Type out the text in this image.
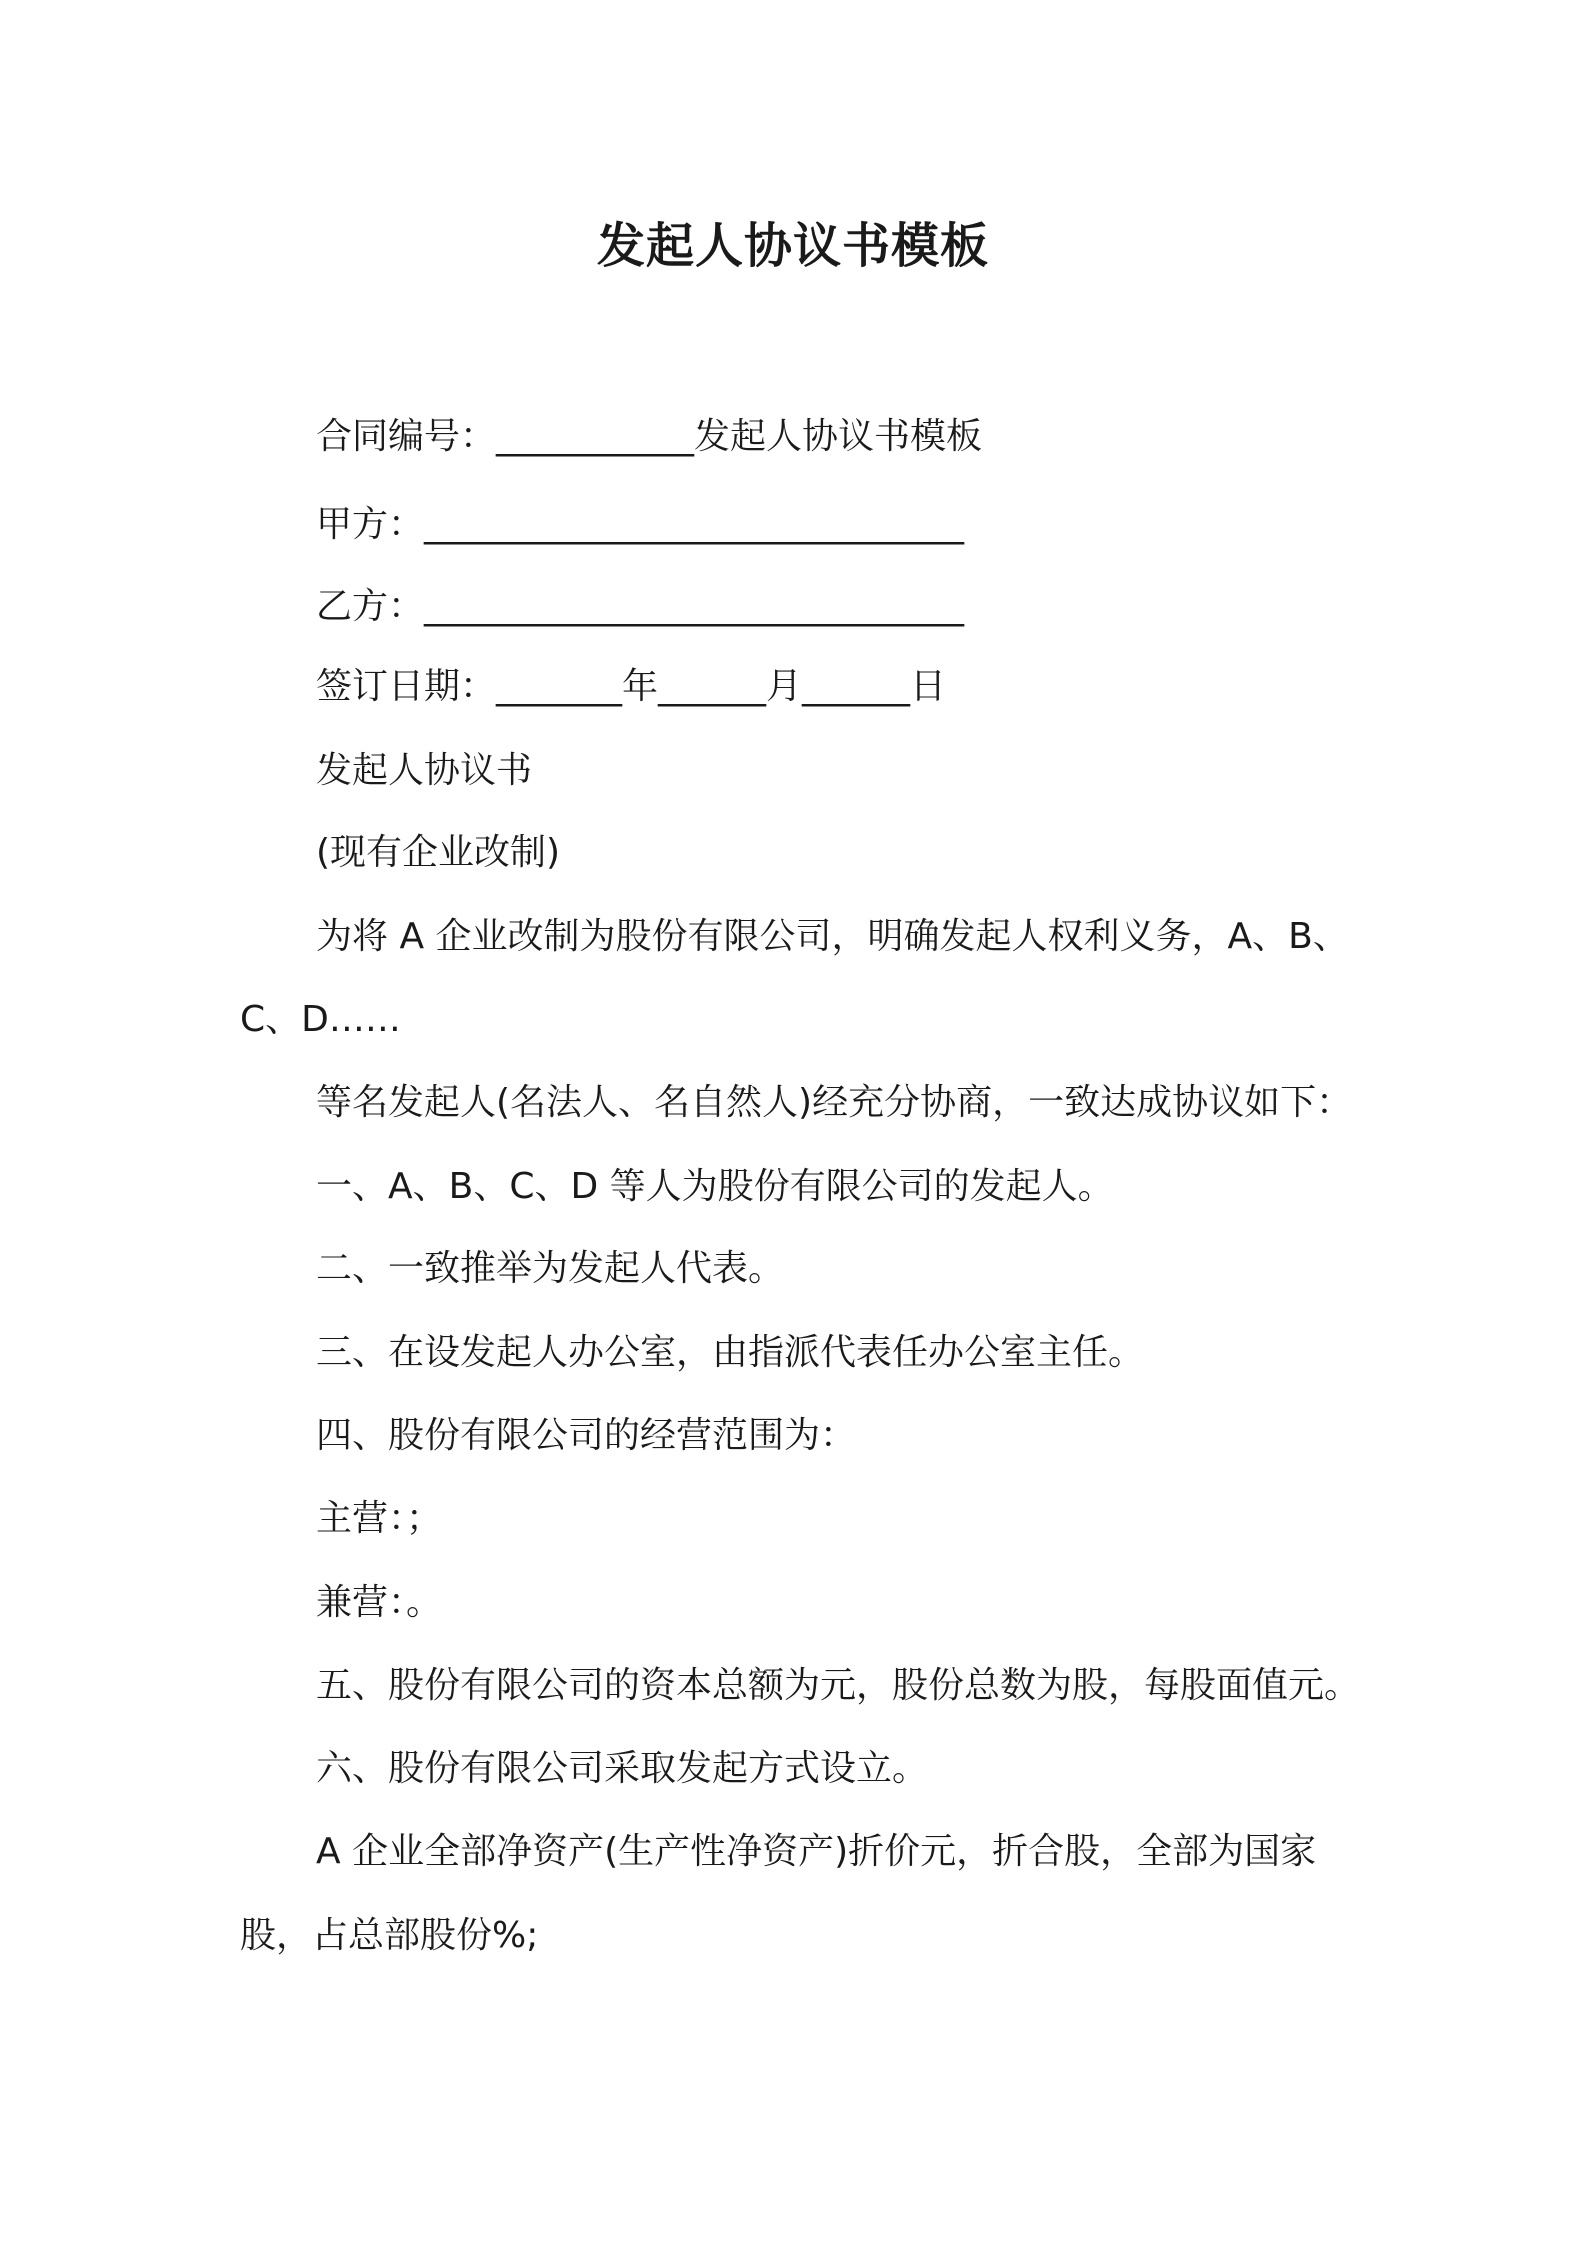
发起人协议书模板
合同编号：___________发起人协议书模板
甲方：______________________________
乙方：______________________________
签订日期：_______年______月______日
发起人协议书
(现有企业改制)
为将 A 企业改制为股份有限公司，明确发起人权利义务，A、B、
C、D……
等名发起人(名法人、名自然人)经充分协商，一致达成协议如下：
一、A、B、C、D 等人为股份有限公司的发起人。
二、一致推举为发起人代表。
三、在设发起人办公室，由指派代表任办公室主任。
四、股份有限公司的经营范围为：
主营：；
兼营：。
五、股份有限公司的资本总额为元，股份总数为股，每股面值元。
六、股份有限公司采取发起方式设立。
A 企业全部净资产(生产性净资产)折价元，折合股，全部为国家
股，占总部股份%;
